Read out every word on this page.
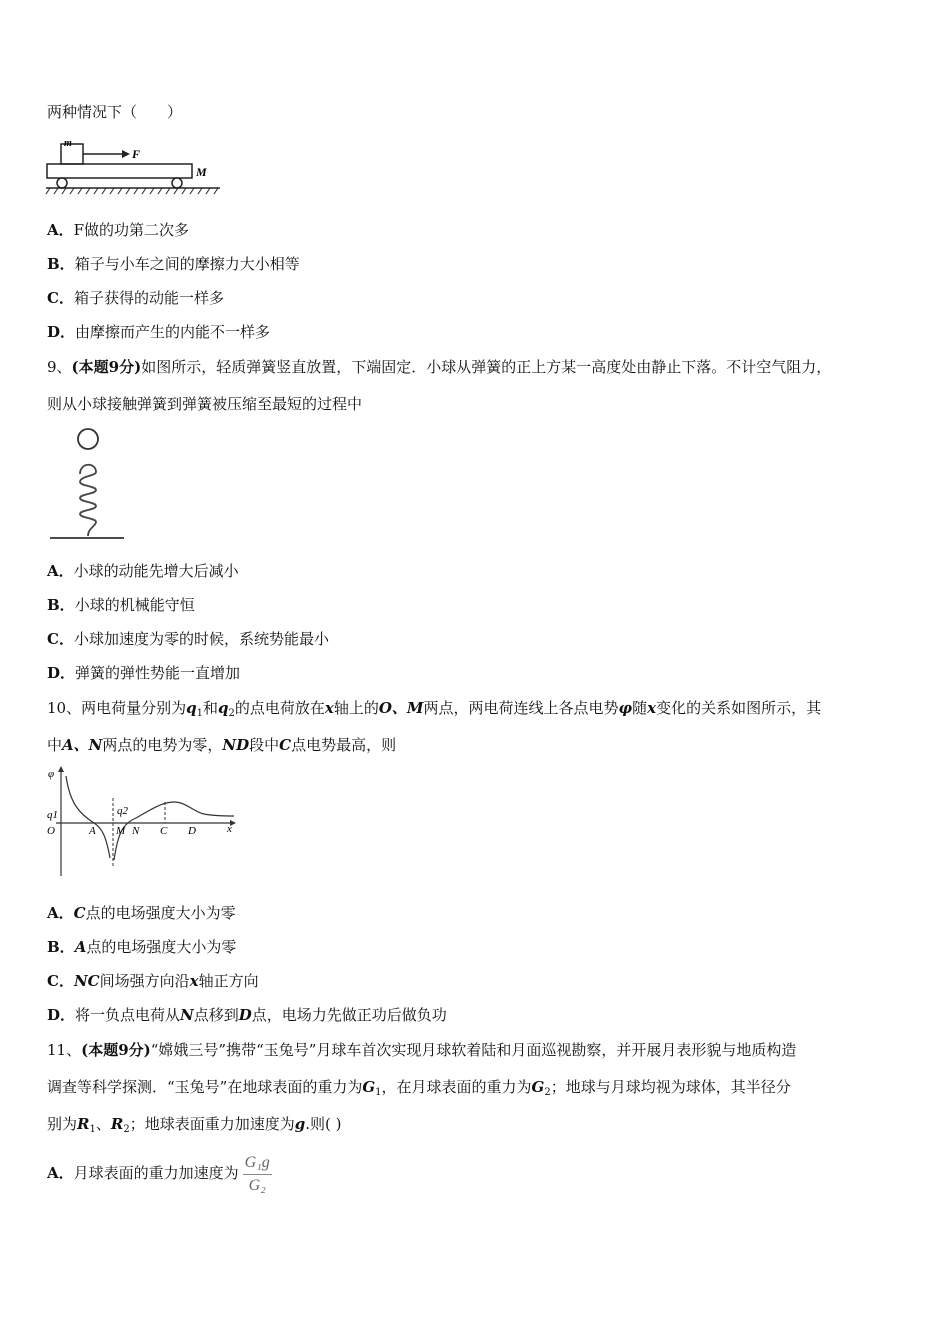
两种情况下（　　）
m
F
M
A．F做的功第二次多
B．箱子与小车之间的摩擦力大小相等
C．箱子获得的动能一样多
D．由摩擦而产生的内能不一样多
9、(本题9分)如图所示，轻质弹簧竖直放置，下端固定．小球从弹簧的正上方某一高度处由静止下落。不计空气阻力，
则从小球接触弹簧到弹簧被压缩至最短的过程中
A．小球的动能先增大后减小
B．小球的机械能守恒
C．小球加速度为零的时候，系统势能最小
D．弹簧的弹性势能一直增加
10、两电荷量分别为$q_1$和$q_2$的点电荷放在x轴上的O、M两点，两电荷连线上各点电势φ随x变化的关系如图所示，其
中A、N两点的电势为零，ND段中C点电势最高，则
φ
q1	q2
O	A M N C D	x
A．C点的电场强度大小为零
B．A点的电场强度大小为零
C．NC间场强方向沿x轴正方向
D．将一负点电荷从N点移到D点，电场力先做正功后做负功
11、(本题9分)“嫦娥三号”携带“玉兔号”月球车首次实现月球软着陆和月面巡视勘察，并开展月表形貌与地质构造
调查等科学探测．“玉兔号”在地球表面的重力为$G_1$，在月球表面的重力为$G_2$；地球与月球均视为球体，其半径分
别为$R_1$、$R_2$；地球表面重力加速度为g.则( )
A．月球表面的重力加速度为 $\frac{\text{G₁g}}{\text{G₂}}$
